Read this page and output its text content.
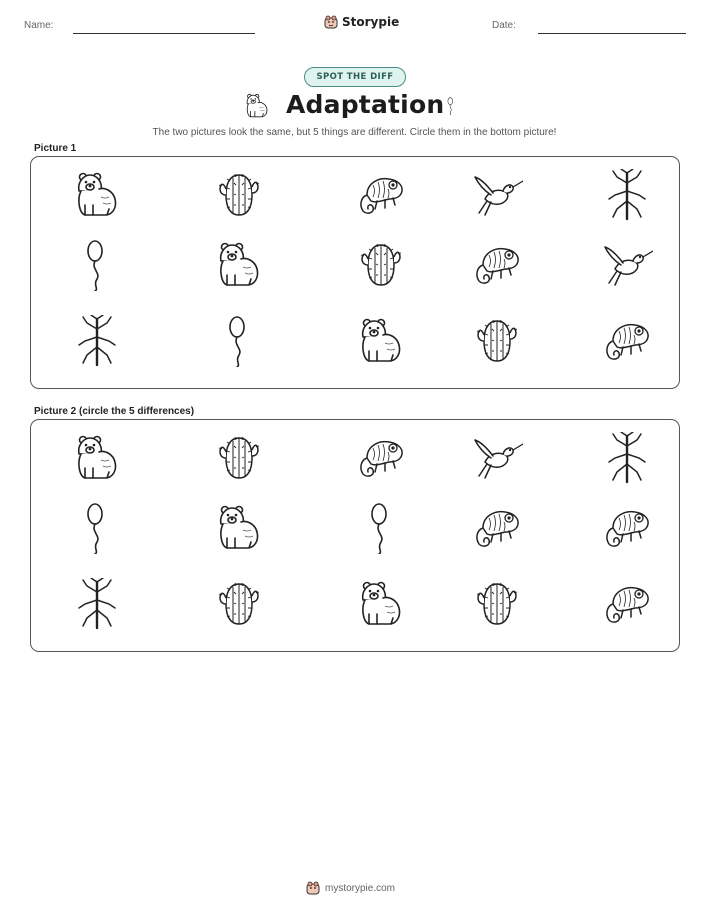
Name:	Date:
Storypie
SPOT THE DIFF
Adaptation
The two pictures look the same, but 5 things are different. Circle them in the bottom picture!
Picture 1
Picture 2 (circle the 5 differences)
mystorypie.com
